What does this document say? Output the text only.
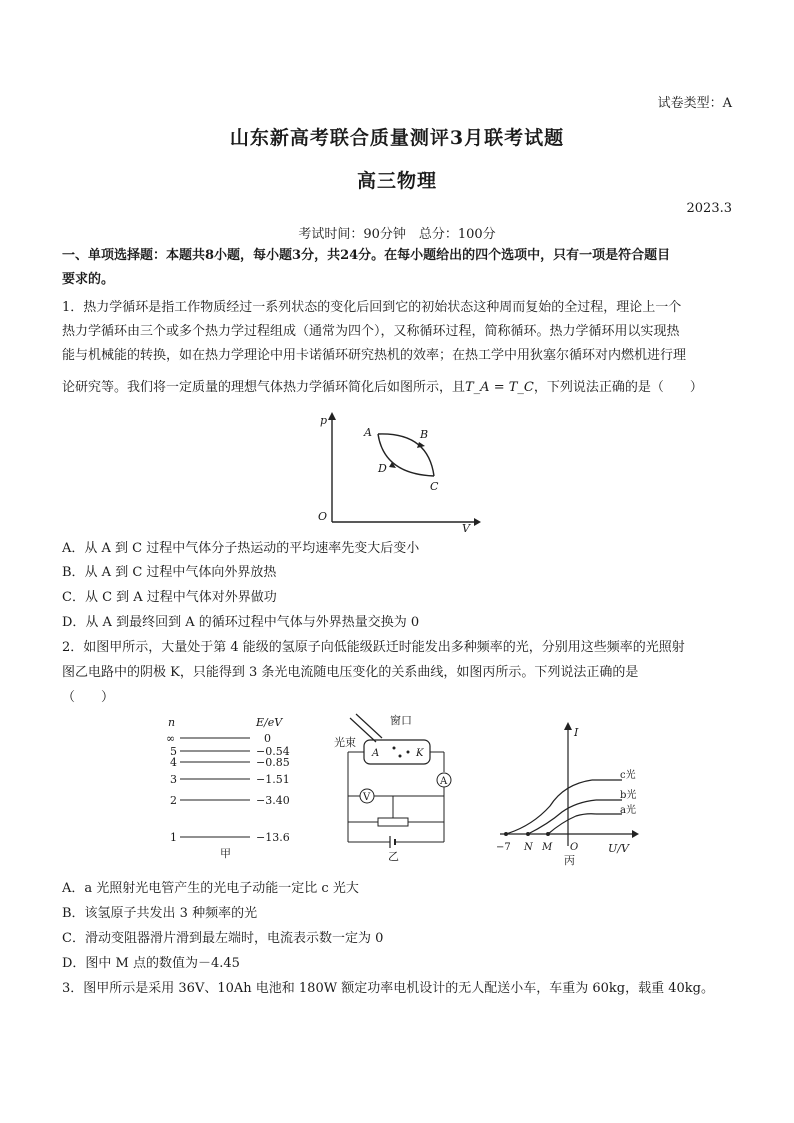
试卷类型：A
山东新高考联合质量测评3月联考试题
高三物理
2023.3
考试时间：90分钟　总分：100分
一、单项选择题：本题共8小题，每小题3分，共24分。在每小题给出的四个选项中，只有一项是符合题目
要求的。
1．热力学循环是指工作物质经过一系列状态的变化后回到它的初始状态这种周而复始的全过程，理论上一个
热力学循环由三个或多个热力学过程组成（通常为四个），又称循环过程，简称循环。热力学循环用以实现热
能与机械能的转换，如在热力学理论中用卡诺循环研究热机的效率；在热工学中用狄塞尔循环对内燃机进行理
论研究等。我们将一定质量的理想气体热力学循环简化后如图所示，且T_A = T_C，下列说法正确的是（　　）
p
V
O
A	B
C
D
A．从 A 到 C 过程中气体分子热运动的平均速率先变大后变小
B．从 A 到 C 过程中气体向外界放热
C．从 C 到 A 过程中气体对外界做功
D．从 A 到最终回到 A 的循环过程中气体与外界热量交换为 0
2．如图甲所示，大量处于第 4 能级的氢原子向低能级跃迁时能发出多种频率的光，分别用这些频率的光照射
图乙电路中的阴极 K，只能得到 3 条光电流随电压变化的关系曲线，如图丙所示。下列说法正确的是
（　　）
n	E/eV
∞	0
5	−0.54
4	−0.85
3	−1.51
2	−3.40
1	−13.6
甲
窗口
光束
A	K
A
V
乙
I
U/V
c光
b光
a光
−7 N M O
丙
A．a 光照射光电管产生的光电子动能一定比 c 光大
B．该氢原子共发出 3 种频率的光
C．滑动变阻器滑片滑到最左端时，电流表示数一定为 0
D．图中 M 点的数值为－4.45
3．图甲所示是采用 36V、10Ah 电池和 180W 额定功率电机设计的无人配送小车，车重为 60kg，载重 40kg。
